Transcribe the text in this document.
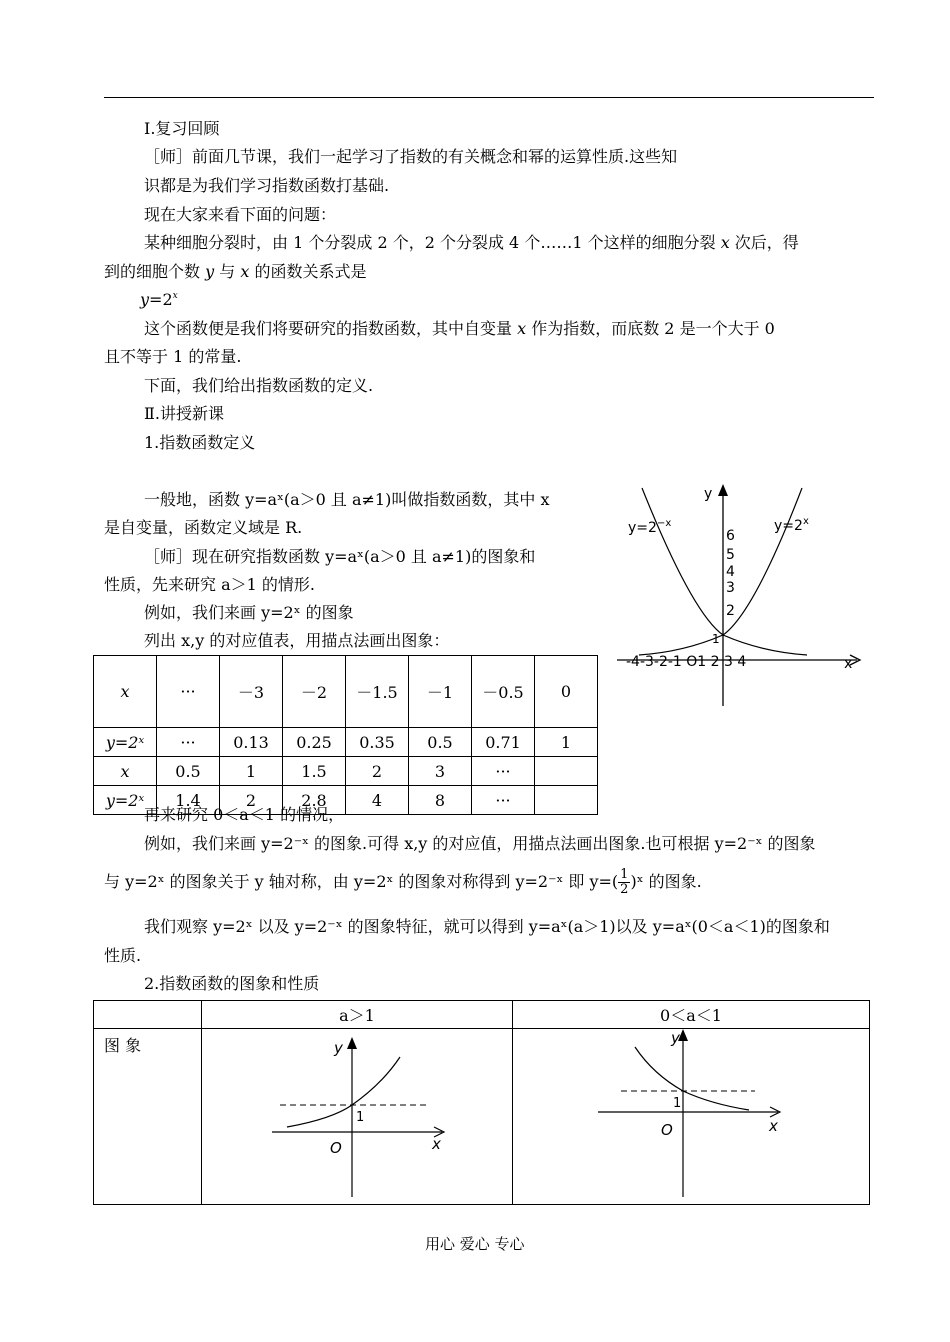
Ⅰ.复习回顾
［师］前面几节课，我们一起学习了指数的有关概念和幂的运算性质.这些知
识都是为我们学习指数函数打基础.
现在大家来看下面的问题：
某种细胞分裂时，由 1 个分裂成 2 个，2 个分裂成 4 个……1 个这样的细胞分裂 x 次后，得
到的细胞个数 y 与 x 的函数关系式是
$y=2^x$
这个函数便是我们将要研究的指数函数，其中自变量 x 作为指数，而底数 2 是一个大于 0
且不等于 1 的常量.
下面，我们给出指数函数的定义.
Ⅱ.讲授新课
1.指数函数定义
一般地，函数 y=aˣ(a＞0 且 a≠1)叫做指数函数，其中 x
是自变量，函数定义域是 R.
［师］现在研究指数函数 y=aˣ(a＞0 且 a≠1)的图象和
性质，先来研究 a＞1 的情形.
例如，我们来画 y=2ˣ 的图象
列出 x,y 的对应值表，用描点法画出图象：
$y=2^{-x}$	$y=2^x$
y
x
6
5
4
3
2
1
-4-3-2-1 O1 2 3 4
x	···	－3	－2	－1.5	－1	－0.5	0
y=2ˣ	···	0.13	0.25	0.35	0.5	0.71	1
x	0.5	1	1.5	2	3	···	
y=2ˣ	1.4	2	2.8	4	8	···	
再来研究 0＜a＜1 的情况，
例如，我们来画 y=2⁻ˣ 的图象.可得 x,y 的对应值，用描点法画出图象.也可根据 y=2⁻ˣ 的图象
与 y=2ˣ 的图象关于 y 轴对称，由 y=2ˣ 的图象对称得到 y=2⁻ˣ 即 $y=( \frac{1}{2}$ )ˣ 的图象.
我们观察 y=2ˣ 以及 y=2⁻ˣ 的图象特征，就可以得到 y=aˣ(a＞1)以及 y=aˣ(0＜a＜1)的图象和
性质.
2.指数函数的图象和性质
	a＞1	0＜a＜1
图 象	y
x
O
1	y
x
O
1
用心 爱心 专心
